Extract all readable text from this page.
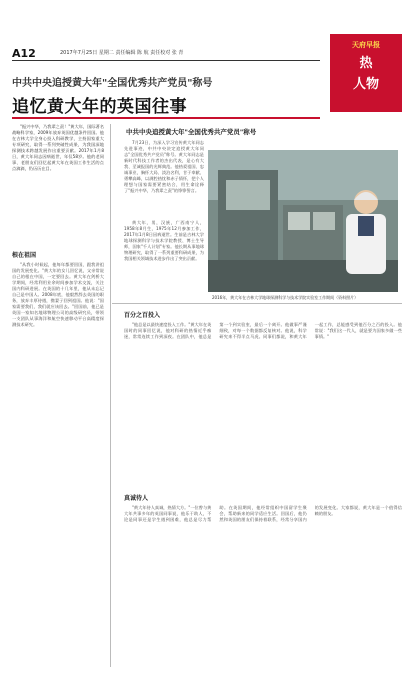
A12	2017年7月25日 星期二 责任编辑 陈 航 责任校对 张 青
天府早报
热
人物
中共中央追授黄大年"全国优秀共产党员"称号
追忆黄大年的英国往事

"振兴中华，乃我辈之责！"黄大年，国际著名战略科学家，2009年放弃英国优越条件回国。他在吉林大学全身心投入科研教学，主持国家重大专项研究，取得一系列突破性成果，为我国深地探测技术跨越发展作出重要贡献。2017年1月8日，黄大年同志因病逝世，年仅58岁。他的老同事、老朋友们回忆起黄大年在英国工作生活的点点滴滴，仍历历在目。

根在祖国

"从我小时候起，他每年都要回国，跟我讲祖国的发展变化。"黄大年的女儿回忆说，父亲常说自己的根在中国，一定要回去。黄大年在剑桥大学期间，经常利用业余时间参加学术交流，关注国内科研进展。在英国的十几年里，他从未忘记自己是中国人。2008年底，他毅然辞去英国的职务，放弃丰厚待遇，携妻子回到祖国。他说："国家需要我们，我们就应该回去。"回国前，他已是英国一家知名地球物理公司的高级研究员，带领一支团队从事海洋和航空快速移动平台高精度探测技术研究。

中共中央追授黄大年"全国优秀共产党员"称号

7月23日，为深入学习宣传黄大年同志先进事迹，中共中央决定追授黄大年同志"全国优秀共产党员"称号。黄大年同志是新时代科技工作者的杰出代表，是心有大我、至诚报国的光辉典范。他热爱祖国、忠诚事业，胸怀大局、淡泊名利，甘于奉献、勇攀高峰，以满腔热忱和赤子情怀，把个人理想与国家需要紧密结合，用生命诠释了"振兴中华，乃我辈之责"的铮铮誓言。

黄大年，男，汉族，广西南宁人，1958年8月生，1975年12月参加工作，2017年1月8日因病逝世。生前是吉林大学地球探测科学与技术学院教授、博士生导师，国家"千人计划"专家。他长期从事地球物理研究，取得了一系列重要科研成果，为我国相关领域技术进步作出了突出贡献。

2016年，黄大年在吉林大学地球探测科学与技术学院实验室工作期间（资料照片）
百分之百投入

"他总是以最快速度投入工作。"黄大年在英国时的同事回忆说，他对科研的热情近乎痴迷，常常连续工作到深夜。在团队中，他总是第一个到实验室，最后一个离开。他做事严谨细致，对每一个数据都反复核对。他说，科学研究来不得半点马虎。同事们都说，和黄大年一起工作，总能感受到他百分之百的投入。他常说："我们这一代人，就是要为国家多做一些事情。"

真诚待人

"黄大年待人真诚，热情大方。"一位曾与黄大年共事多年的英国同事说，他乐于助人，不论是同事还是学生遇到困难，他总是尽力帮助。在英国期间，他经常组织中国留学生聚会，帮助新来的同学适应生活。回国后，他仍然和英国的朋友们保持着联系，经常分享国内的发展变化。大家都说，黄大年是一个值得信赖的朋友。
